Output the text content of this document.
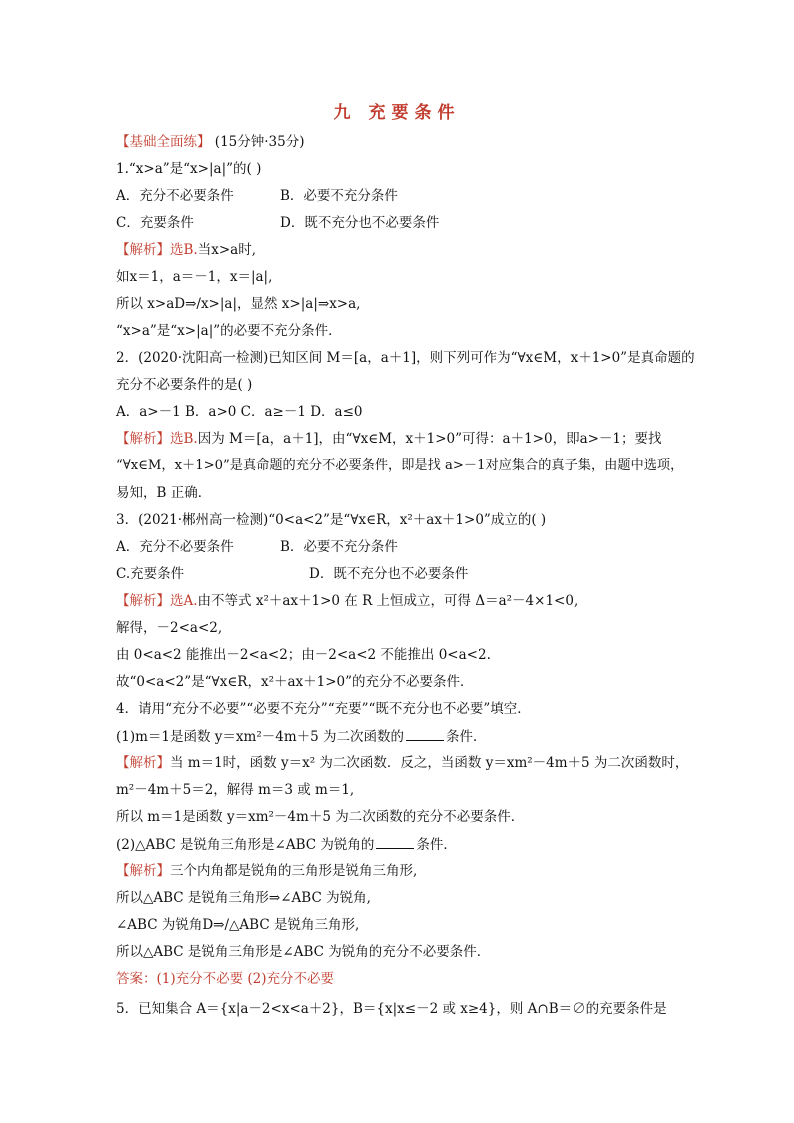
九 充要条件
【基础全面练】 (15分钟·35分)
1.“x>a”是“x>|a|”的( )
A．充分不必要条件	B．必要不充分条件
C．充要条件	D．既不充分也不必要条件
【解析】选B.当x>a时,
如x＝1，a＝－1，x＝|a|,
所以 x>aD⇒/x>|a|，显然 x>|a|⇒x>a,
“x>a”是“x>|a|”的必要不充分条件．
2．(2020·沈阳高一检测)已知区间 M＝[a，a＋1]，则下列可作为“∀x∈M，x＋1>0”是真命题的
充分不必要条件的是( )
A．a>－1 B．a>0 C．a≥－1 D．a≤0
【解析】选B.因为 M＝[a，a＋1]，由“∀x∈M，x＋1>0”可得：a＋1>0，即a>－1；要找
“∀x∈M，x＋1>0”是真命题的充分不必要条件，即是找 a>－1对应集合的真子集，由题中选项，
易知，B 正确．
3．(2021·郴州高一检测)“0<a<2”是“∀x∈R，x²＋ax＋1>0”成立的( )
A．充分不必要条件	B．必要不充分条件
C.充要条件	D．既不充分也不必要条件
【解析】选A.由不等式 x²＋ax＋1>0 在 R 上恒成立，可得 Δ＝a²－4×1<0,
解得，－2<a<2,
由 0<a<2 能推出－2<a<2；由－2<a<2 不能推出 0<a<2.
故“0<a<2”是“∀x∈R，x²＋ax＋1>0”的充分不必要条件．
4．请用“充分不必要”“必要不充分”“充要”“既不充分也不必要”填空．
(1)m＝1是函数 y＝xm²－4m＋5 为二次函数的	条件．
【解析】当 m＝1时，函数 y＝x² 为二次函数．反之，当函数 y＝xm²－4m＋5 为二次函数时，
m²－4m＋5＝2，解得 m＝3 或 m＝1,
所以 m＝1是函数 y＝xm²－4m＋5 为二次函数的充分不必要条件．
(2)△ABC 是锐角三角形是∠ABC 为锐角的	条件．
【解析】三个内角都是锐角的三角形是锐角三角形,
所以△ABC 是锐角三角形⇒∠ABC 为锐角,
∠ABC 为锐角D⇒/△ABC 是锐角三角形,
所以△ABC 是锐角三角形是∠ABC 为锐角的充分不必要条件．
答案：(1)充分不必要 (2)充分不必要
5．已知集合 A＝{x|a－2<x<a＋2}，B＝{x|x≤－2 或 x≥4}，则 A∩B＝∅的充要条件是
